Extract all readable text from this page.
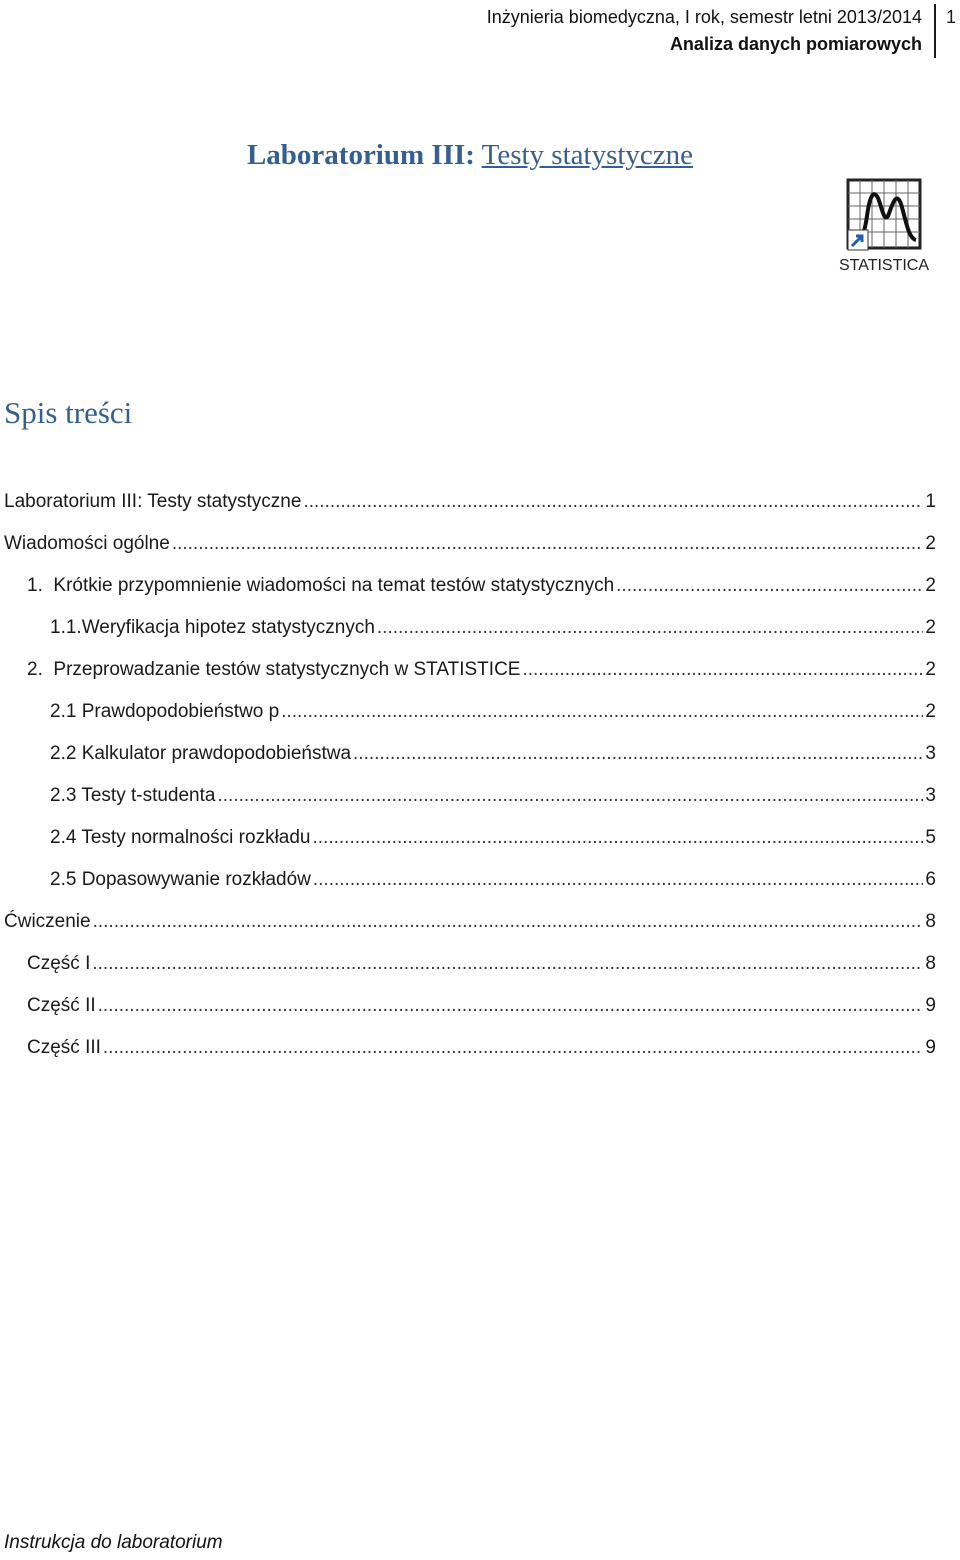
Inżynieria biomedyczna, I rok, semestr letni 2013/2014
Analiza danych pomiarowych
1
Laboratorium III: Testy statystyczne
STATISTICA
Spis treści
Laboratorium III: Testy statystyczne .....	1
Wiadomości ogólne .....	2
1. Krótkie przypomnienie wiadomości na temat testów statystycznych .....	2
1.1. Weryfikacja hipotez statystycznych .....	2
2. Przeprowadzanie testów statystycznych w STATISTICE .....	2
2.1 Prawdopodobieństwo p .....	2
2.2 Kalkulator prawdopodobieństwa .....	3
2.3 Testy t-studenta .....	3
2.4 Testy normalności rozkładu .....	5
2.5 Dopasowywanie rozkładów .....	6
Ćwiczenie .....	8
Część I .....	8
Część II .....	9
Część III .....	9
Instrukcja do laboratorium
